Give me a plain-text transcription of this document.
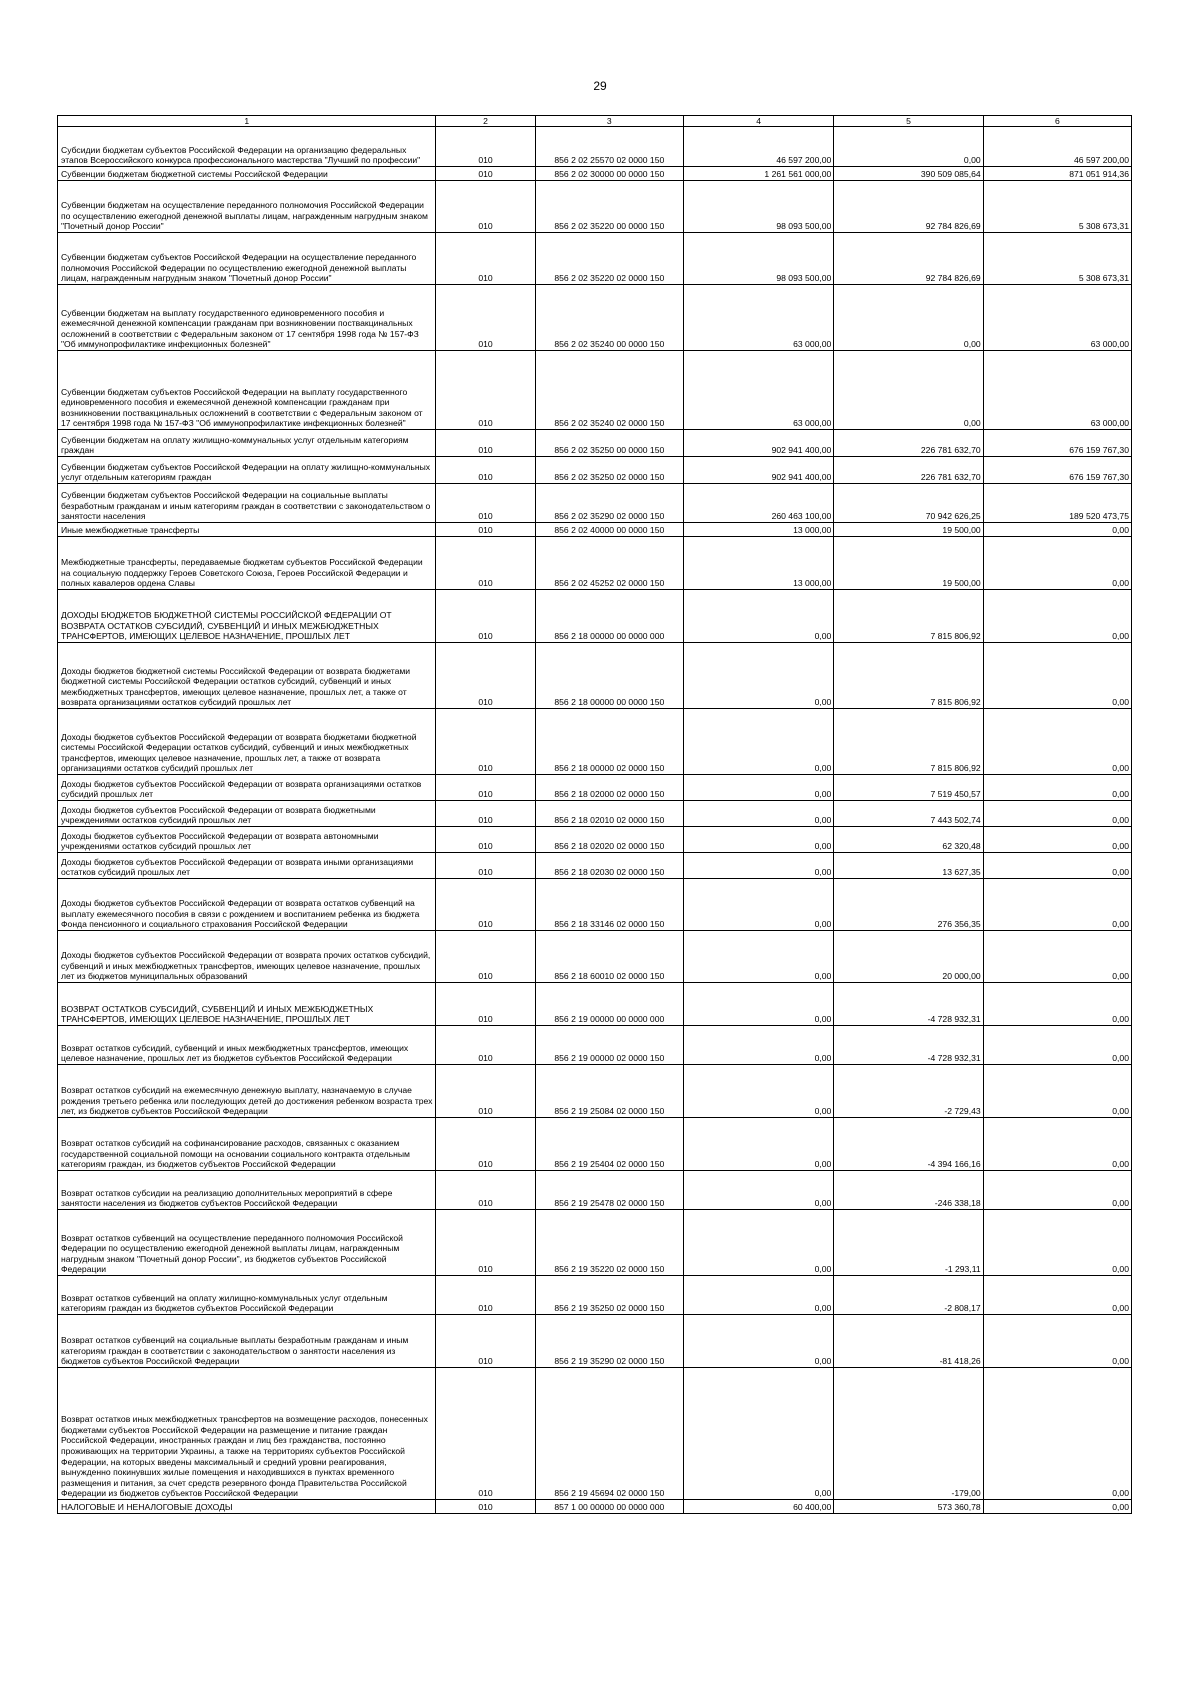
29
1	2	3	4	5	6
Субсидии бюджетам субъектов Российской Федерации на организацию федеральных этапов Всероссийского конкурса профессионального мастерства "Лучший по профессии"	010	856 2 02 25570 02 0000 150	46 597 200,00	0,00	46 597 200,00
Субвенции бюджетам бюджетной системы Российской Федерации	010	856 2 02 30000 00 0000 150	1 261 561 000,00	390 509 085,64	871 051 914,36
Субвенции бюджетам на осуществление переданного полномочия Российской Федерации по осуществлению ежегодной денежной выплаты лицам, награжденным нагрудным знаком "Почетный донор России"	010	856 2 02 35220 00 0000 150	98 093 500,00	92 784 826,69	5 308 673,31
Субвенции бюджетам субъектов Российской Федерации на осуществление переданного полномочия Российской Федерации по осуществлению ежегодной денежной выплаты лицам, награжденным нагрудным знаком "Почетный донор России"	010	856 2 02 35220 02 0000 150	98 093 500,00	92 784 826,69	5 308 673,31
Субвенции бюджетам на выплату государственного единовременного пособия и ежемесячной денежной компенсации гражданам при возникновении поствакцинальных осложнений в соответствии с Федеральным законом от 17 сентября 1998 года № 157-ФЗ "Об иммунопрофилактике инфекционных болезней"	010	856 2 02 35240 00 0000 150	63 000,00	0,00	63 000,00
Субвенции бюджетам субъектов Российской Федерации на выплату государственного единовременного пособия и ежемесячной денежной компенсации гражданам при возникновении поствакцинальных осложнений в соответствии с Федеральным законом от 17 сентября 1998 года № 157-ФЗ "Об иммунопрофилактике инфекционных болезней"	010	856 2 02 35240 02 0000 150	63 000,00	0,00	63 000,00
Субвенции бюджетам на оплату жилищно-коммунальных услуг отдельным категориям граждан	010	856 2 02 35250 00 0000 150	902 941 400,00	226 781 632,70	676 159 767,30
Субвенции бюджетам субъектов Российской Федерации на оплату жилищно-коммунальных услуг отдельным категориям граждан	010	856 2 02 35250 02 0000 150	902 941 400,00	226 781 632,70	676 159 767,30
Субвенции бюджетам субъектов Российской Федерации на социальные выплаты безработным гражданам и иным категориям граждан в соответствии с законодательством о занятости населения	010	856 2 02 35290 02 0000 150	260 463 100,00	70 942 626,25	189 520 473,75
Иные межбюджетные трансферты	010	856 2 02 40000 00 0000 150	13 000,00	19 500,00	0,00
Межбюджетные трансферты, передаваемые бюджетам субъектов Российской Федерации на социальную поддержку Героев Советского Союза, Героев Российской Федерации и полных кавалеров ордена Славы	010	856 2 02 45252 02 0000 150	13 000,00	19 500,00	0,00
ДОХОДЫ БЮДЖЕТОВ БЮДЖЕТНОЙ СИСТЕМЫ РОССИЙСКОЙ ФЕДЕРАЦИИ ОТ ВОЗВРАТА ОСТАТКОВ СУБСИДИЙ, СУБВЕНЦИЙ И ИНЫХ МЕЖБЮДЖЕТНЫХ ТРАНСФЕРТОВ, ИМЕЮЩИХ ЦЕЛЕВОЕ НАЗНАЧЕНИЕ, ПРОШЛЫХ ЛЕТ	010	856 2 18 00000 00 0000 000	0,00	7 815 806,92	0,00
Доходы бюджетов бюджетной системы Российской Федерации от возврата бюджетами бюджетной системы Российской Федерации остатков субсидий, субвенций и иных межбюджетных трансфертов, имеющих целевое назначение, прошлых лет, а также от возврата организациями остатков субсидий прошлых лет	010	856 2 18 00000 00 0000 150	0,00	7 815 806,92	0,00
Доходы бюджетов субъектов Российской Федерации от возврата бюджетами бюджетной системы Российской Федерации остатков субсидий, субвенций и иных межбюджетных трансфертов, имеющих целевое назначение, прошлых лет, а также от возврата организациями остатков субсидий прошлых лет	010	856 2 18 00000 02 0000 150	0,00	7 815 806,92	0,00
Доходы бюджетов субъектов Российской Федерации от возврата организациями остатков субсидий прошлых лет	010	856 2 18 02000 02 0000 150	0,00	7 519 450,57	0,00
Доходы бюджетов субъектов Российской Федерации от возврата бюджетными учреждениями остатков субсидий прошлых лет	010	856 2 18 02010 02 0000 150	0,00	7 443 502,74	0,00
Доходы бюджетов субъектов Российской Федерации от возврата автономными учреждениями остатков субсидий прошлых лет	010	856 2 18 02020 02 0000 150	0,00	62 320,48	0,00
Доходы бюджетов субъектов Российской Федерации от возврата иными организациями остатков субсидий прошлых лет	010	856 2 18 02030 02 0000 150	0,00	13 627,35	0,00
Доходы бюджетов субъектов Российской Федерации от возврата остатков субвенций на выплату ежемесячного пособия в связи с рождением и воспитанием ребенка из бюджета Фонда пенсионного и социального страхования Российской Федерации	010	856 2 18 33146 02 0000 150	0,00	276 356,35	0,00
Доходы бюджетов субъектов Российской Федерации от возврата прочих остатков субсидий, субвенций и иных межбюджетных трансфертов, имеющих целевое назначение, прошлых лет из бюджетов муниципальных образований	010	856 2 18 60010 02 0000 150	0,00	20 000,00	0,00
ВОЗВРАТ ОСТАТКОВ СУБСИДИЙ, СУБВЕНЦИЙ И ИНЫХ МЕЖБЮДЖЕТНЫХ ТРАНСФЕРТОВ, ИМЕЮЩИХ ЦЕЛЕВОЕ НАЗНАЧЕНИЕ, ПРОШЛЫХ ЛЕТ	010	856 2 19 00000 00 0000 000	0,00	-4 728 932,31	0,00
Возврат остатков субсидий, субвенций и иных межбюджетных трансфертов, имеющих целевое назначение, прошлых лет из бюджетов субъектов Российской Федерации	010	856 2 19 00000 02 0000 150	0,00	-4 728 932,31	0,00
Возврат остатков субсидий на ежемесячную денежную выплату, назначаемую в случае рождения третьего ребенка или последующих детей до достижения ребенком возраста трех лет, из бюджетов субъектов Российской Федерации	010	856 2 19 25084 02 0000 150	0,00	-2 729,43	0,00
Возврат остатков субсидий на софинансирование расходов, связанных с оказанием государственной социальной помощи на основании социального контракта отдельным категориям граждан, из бюджетов субъектов Российской Федерации	010	856 2 19 25404 02 0000 150	0,00	-4 394 166,16	0,00
Возврат остатков субсидии на реализацию дополнительных мероприятий в сфере занятости населения из бюджетов субъектов Российской Федерации	010	856 2 19 25478 02 0000 150	0,00	-246 338,18	0,00
Возврат остатков субвенций на осуществление переданного полномочия Российской Федерации по осуществлению ежегодной денежной выплаты лицам, награжденным нагрудным знаком "Почетный донор России", из бюджетов субъектов Российской Федерации	010	856 2 19 35220 02 0000 150	0,00	-1 293,11	0,00
Возврат остатков субвенций на оплату жилищно-коммунальных услуг отдельным категориям граждан из бюджетов субъектов Российской Федерации	010	856 2 19 35250 02 0000 150	0,00	-2 808,17	0,00
Возврат остатков субвенций на социальные выплаты безработным гражданам и иным категориям граждан в соответствии с законодательством о занятости населения из бюджетов субъектов Российской Федерации	010	856 2 19 35290 02 0000 150	0,00	-81 418,26	0,00
Возврат остатков иных межбюджетных трансфертов на возмещение расходов, понесенных бюджетами субъектов Российской Федерации на размещение и питание граждан Российской Федерации, иностранных граждан и лиц без гражданства, постоянно проживающих на территории Украины, а также на территориях субъектов Российской Федерации, на которых введены максимальный и средний уровни реагирования, вынужденно покинувших жилые помещения и находившихся в пунктах временного размещения и питания, за счет средств резервного фонда Правительства Российской Федерации из бюджетов субъектов Российской Федерации	010	856 2 19 45694 02 0000 150	0,00	-179,00	0,00
НАЛОГОВЫЕ И НЕНАЛОГОВЫЕ ДОХОДЫ	010	857 1 00 00000 00 0000 000	60 400,00	573 360,78	0,00
